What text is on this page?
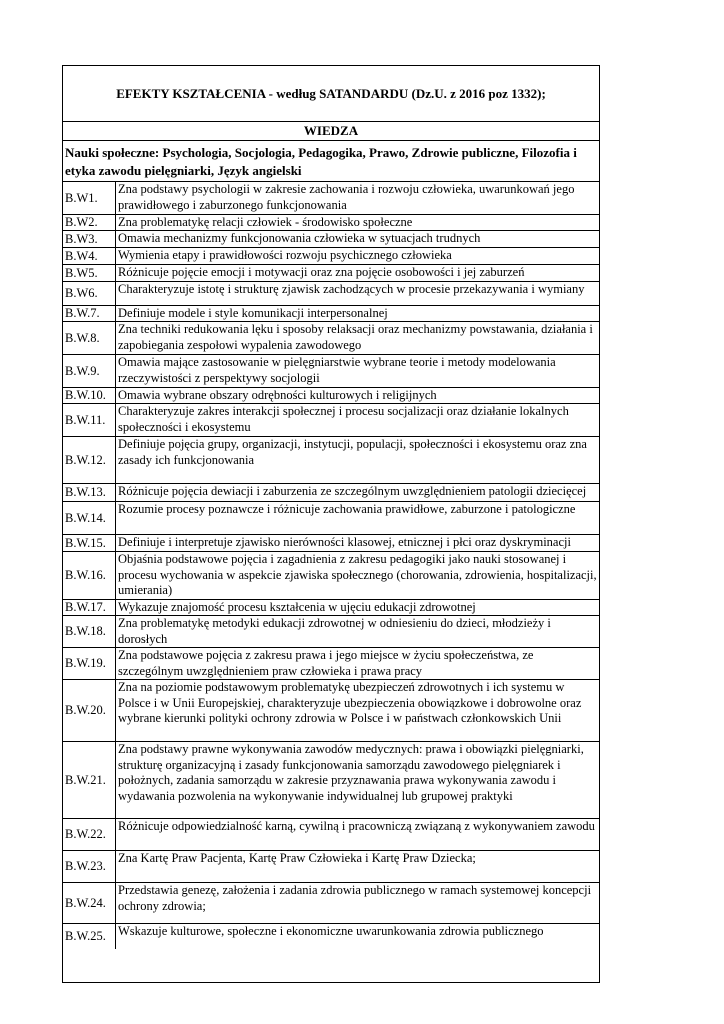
EFEKTY KSZTAŁCENIA - według SATANDARDU (Dz.U. z 2016 poz 1332);
WIEDZA
Nauki społeczne: Psychologia, Socjologia, Pedagogika, Prawo, Zdrowie publiczne, Filozofia i etyka zawodu pielęgniarki, Język angielski
B.W1.
Zna podstawy psychologii w zakresie zachowania i rozwoju człowieka, uwarunkowań jego prawidłowego i zaburzonego funkcjonowania
B.W2.	Zna problematykę relacji człowiek - środowisko społeczne
B.W3.	Omawia mechanizmy funkcjonowania człowieka w sytuacjach trudnych
B.W4.	Wymienia etapy i prawidłowości rozwoju psychicznego człowieka
B.W5.	Różnicuje pojęcie emocji i motywacji oraz zna pojęcie osobowości i jej zaburzeń
B.W6.	Charakteryzuje istotę i strukturę zjawisk zachodzących w procesie przekazywania i wymiany
B.W.7.	Definiuje modele i style komunikacji interpersonalnej
B.W.8.
Zna techniki redukowania lęku i sposoby relaksacji oraz mechanizmy powstawania, działania i zapobiegania zespołowi wypalenia zawodowego
B.W.9.
Omawia mające zastosowanie w pielęgniarstwie wybrane teorie i metody modelowania rzeczywistości z perspektywy socjologii
B.W.10. Omawia wybrane obszary odrębności kulturowych i religijnych
B.W.11.
Charakteryzuje zakres interakcji społecznej i procesu socjalizacji oraz działanie lokalnych społeczności i ekosystemu
B.W.12.
Definiuje pojęcia grupy, organizacji, instytucji, populacji, społeczności i ekosystemu oraz zna
zasady ich funkcjonowania
B.W.13. Różnicuje pojęcia dewiacji i zaburzenia ze szczególnym uwzględnieniem patologii dziecięcej
B.W.14.
Rozumie procesy poznawcze i różnicuje zachowania prawidłowe, zaburzone i patologiczne
B.W.15. Definiuje i interpretuje zjawisko nierówności klasowej, etnicznej i płci oraz dyskryminacji
B.W.16.
Objaśnia podstawowe pojęcia i zagadnienia z zakresu pedagogiki jako nauki stosowanej i procesu wychowania w aspekcie zjawiska społecznego (chorowania, zdrowienia, hospitalizacji, umierania)
B.W.17. Wykazuje znajomość procesu kształcenia w ujęciu edukacji zdrowotnej
B.W.18.
Zna problematykę metodyki edukacji zdrowotnej w odniesieniu do dzieci, młodzieży i dorosłych
B.W.19.
Zna podstawowe pojęcia z zakresu prawa i jego miejsce w życiu społeczeństwa, ze szczególnym uwzględnieniem praw człowieka i prawa pracy
B.W.20.
Zna na poziomie podstawowym problematykę ubezpieczeń zdrowotnych i ich systemu w Polsce i w Unii Europejskiej, charakteryzuje ubezpieczenia obowiązkowe i dobrowolne oraz
wybrane kierunki polityki ochrony zdrowia w Polsce i w państwach członkowskich Unii
B.W.21.
Zna podstawy prawne wykonywania zawodów medycznych: prawa i obowiązki pielęgniarki,
strukturę organizacyjną i zasady funkcjonowania samorządu zawodowego pielęgniarek i położnych, zadania samorządu w zakresie przyznawania prawa wykonywania zawodu i wydawania pozwolenia na wykonywanie indywidualnej lub grupowej praktyki
B.W.22.
Różnicuje odpowiedzialność karną, cywilną i pracowniczą związaną z wykonywaniem zawodu
B.W.23.
Zna Kartę Praw Pacjenta, Kartę Praw Człowieka i Kartę Praw Dziecka;
B.W.24.
Przedstawia genezę, założenia i zadania zdrowia publicznego w ramach systemowej koncepcji ochrony zdrowia;
B.W.25. Wskazuje kulturowe, społeczne i ekonomiczne uwarunkowania zdrowia publicznego
